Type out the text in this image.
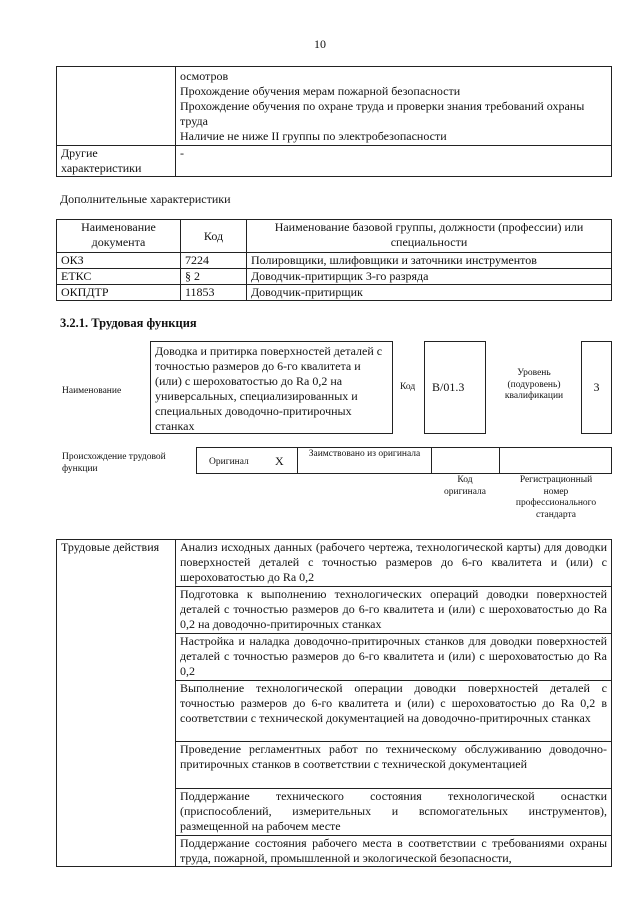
10

	осмотров
Прохождение обучения мерам пожарной безопасности
Прохождение обучения по охране труда и проверки знания требований охраны труда
Наличие не ниже II группы по электробезопасности

Другие характеристики	-
Дополнительные характеристики
Наименование документа	Код	Наименование базовой группы, должности (профессии) или специальности
ОКЗ	7224	Полировщики, шлифовщики и заточники инструментов
ЕТКС	§ 2	Доводчик-притирщик 3-го разряда
ОКПДТР	11853	Доводчик-притирщик
3.2.1. Трудовая функция
Наименование
Доводка и притирка поверхностей деталей с точностью размеров до 6-го квалитета и (или) с шероховатостью до Ra 0,2 на универсальных, специализированных и специальных доводочно-притирочных станках
Код	B/01.3
Уровень
(подуровень)
квалификации
3
Происхождение трудовой функции
Оригинал X	Заимствовано из оригинала
Код
оригинала
Регистрационный
номер
профессионального
стандарта
Трудовые действия	Анализ исходных данных (рабочего чертежа, технологической карты) для доводки поверхностей деталей с точностью размеров до 6-го квалитета и (или) с шероховатостью до Ra 0,2
Подготовка к выполнению технологических операций доводки поверхностей деталей с точностью размеров до 6-го квалитета и (или) с шероховатостью до Ra 0,2 на доводочно-притирочных станках
Настройка и наладка доводочно-притирочных станков для доводки поверхностей деталей с точностью размеров до 6-го квалитета и (или) с шероховатостью до Ra 0,2
Выполнение технологической операции доводки поверхностей деталей с точностью размеров до 6-го квалитета и (или) с шероховатостью до Ra 0,2 в соответствии с технической документацией на доводочно-притирочных станках
Проведение регламентных работ по техническому обслуживанию доводочно-притирочных станков в соответствии с технической документацией
Поддержание технического состояния технологической оснастки (приспособлений, измерительных и вспомогательных инструментов), размещенной на рабочем месте
Поддержание состояния рабочего места в соответствии с требованиями охраны труда, пожарной, промышленной и экологической безопасности,
